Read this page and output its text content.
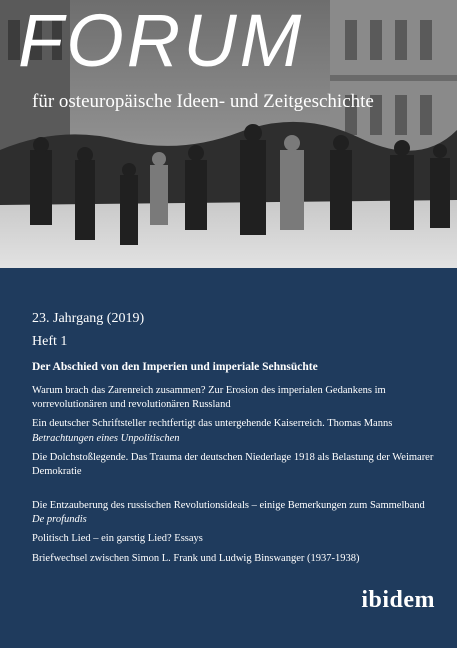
FORUM
für osteuropäische Ideen- und Zeitgeschichte
23. Jahrgang (2019)
Heft 1
Der Abschied von den Imperien und imperiale Sehnsüchte
Warum brach das Zarenreich zusammen? Zur Erosion des imperialen Gedankens im vorrevolutionären und revolutionären Russland
Ein deutscher Schriftsteller rechtfertigt das untergehende Kaiserreich. Thomas Manns
Betrachtungen eines Unpolitischen
Die Dolchstoßlegende. Das Trauma der deutschen Niederlage 1918 als Belastung der Weimarer Demokratie
Die Entzauberung des russischen Revolutionsideals – einige Bemerkungen zum Sammelband De profundis
Politisch Lied – ein garstig Lied? Essays
Briefwechsel zwischen Simon L. Frank und Ludwig Binswanger (1937-1938)
ibidem
